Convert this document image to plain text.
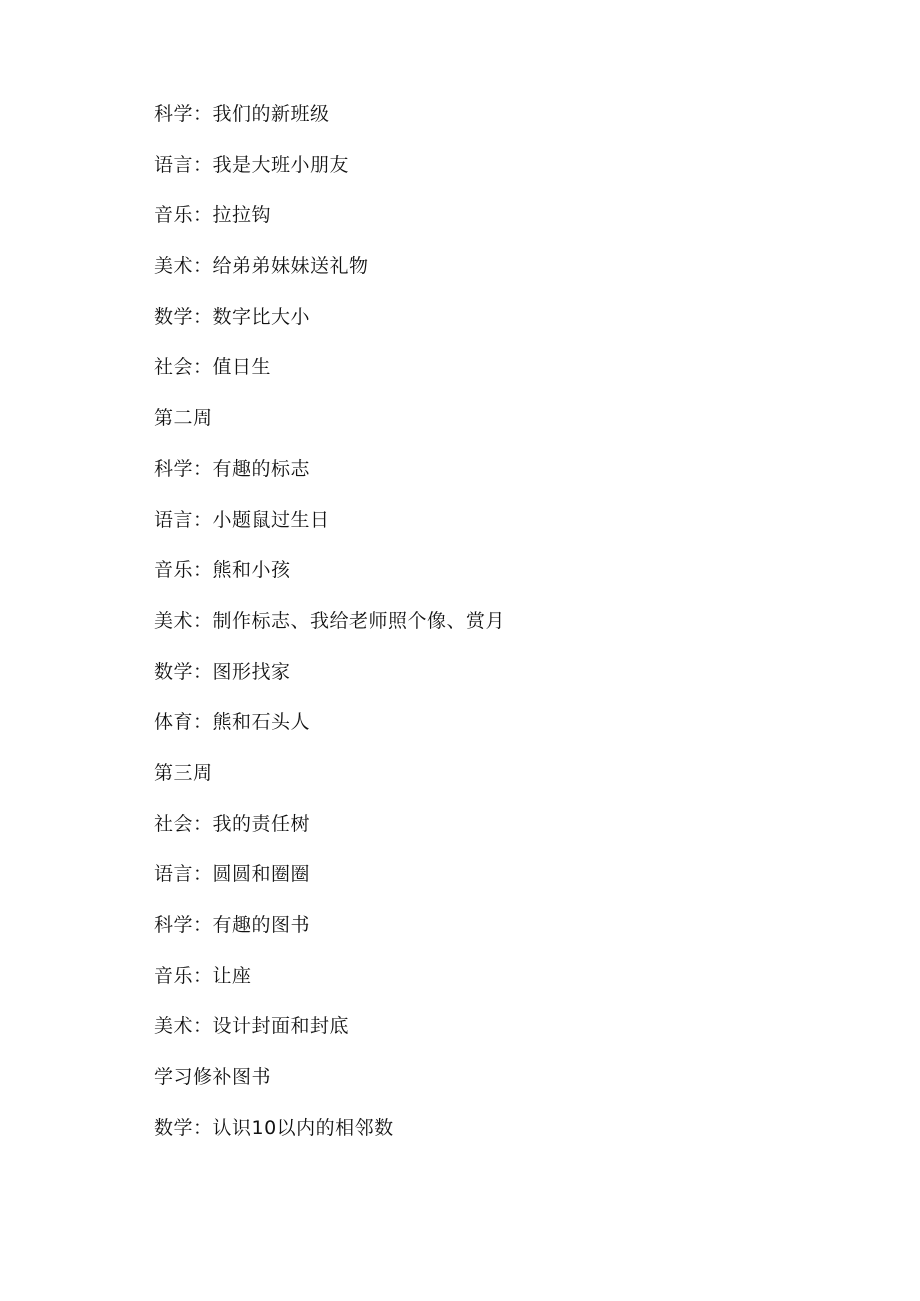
科学：我们的新班级
语言：我是大班小朋友
音乐：拉拉钩
美术：给弟弟妹妹送礼物
数学：数字比大小
社会：值日生
第二周
科学：有趣的标志
语言：小题鼠过生日
音乐：熊和小孩
美术：制作标志、我给老师照个像、赏月
数学：图形找家
体育：熊和石头人
第三周
社会：我的责任树
语言：圆圆和圈圈
科学：有趣的图书
音乐：让座
美术：设计封面和封底
学习修补图书
数学：认识10以内的相邻数
